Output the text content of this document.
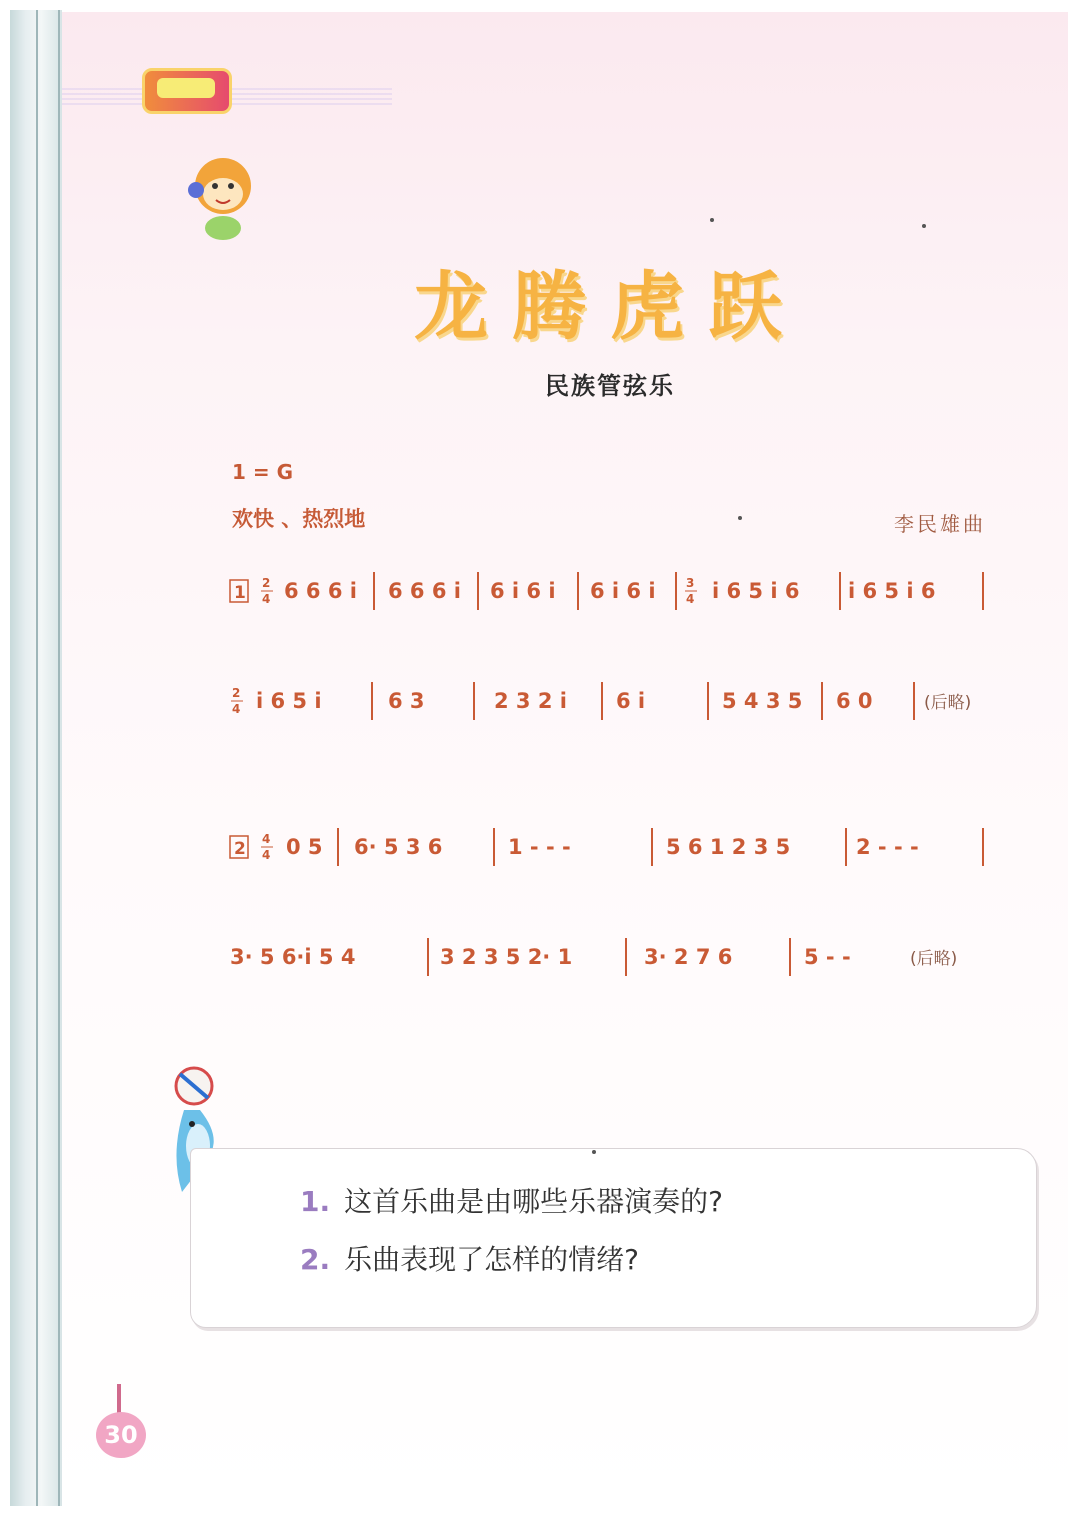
龙腾虎跃
民族管弦乐
1 = G
欢快 、热烈地	李民雄曲
1 2
4 6 6 6 i 6 6 6 i 6 i 6 i 6 i 6 i	3
4 i 6 5 i 6 i 6 5 i 6
2
4 i 6 5 i	6 3	2 3 2 i 6 i	5 4 3 5 6 0	(后略)
2 4
4 0 5 6· 5 3 6	1 - - -	5 6 1 2 3 5	2 - - -
3· 5 6·i 5 4	3 2 3 5 2· 1	3· 2 7 6	5 - -	(后略)
1. 这首乐曲是由哪些乐器演奏的?
2. 乐曲表现了怎样的情绪?
30
